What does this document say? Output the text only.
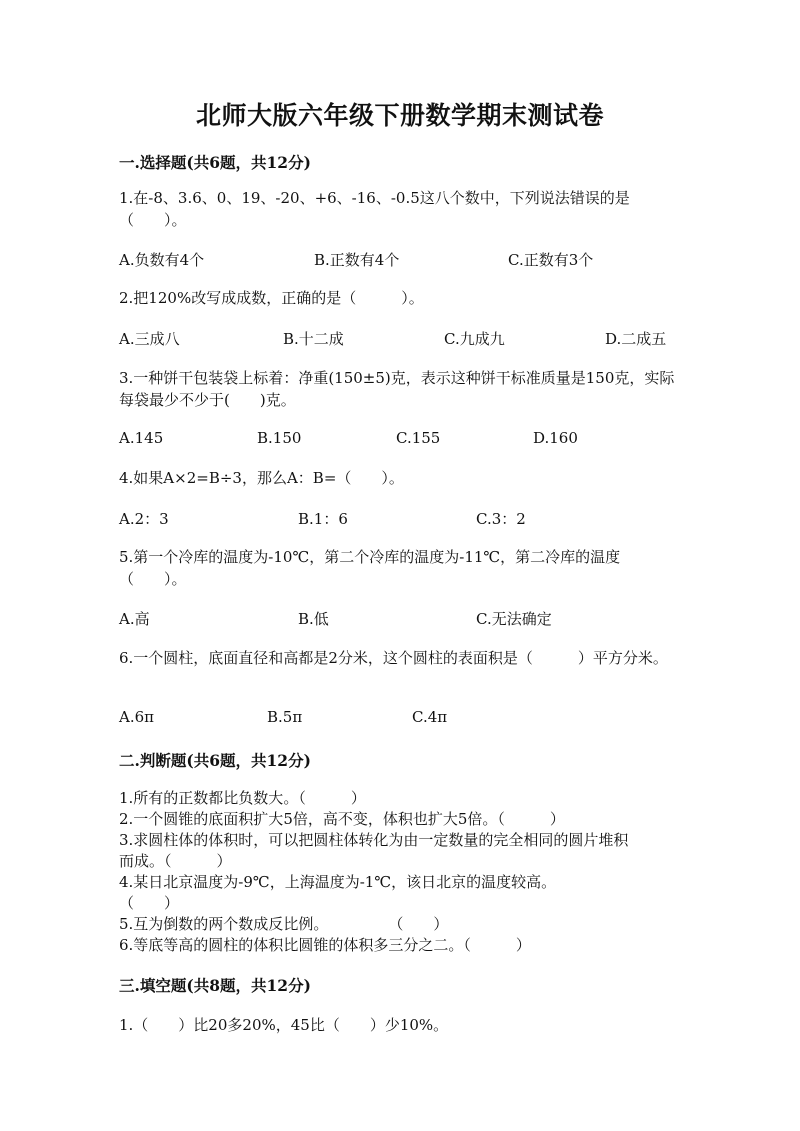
北师大版六年级下册数学期末测试卷
一.选择题(共6题，共12分)
1.在-8、3.6、0、19、-20、+6、-16、-0.5这八个数中，下列说法错误的是（　　）。
A.负数有4个	B.正数有4个	C.正数有3个
2.把120%改写成成数，正确的是（　　　）。
A.三成八	B.十二成	C.九成九	D.二成五
3.一种饼干包装袋上标着：净重(150±5)克，表示这种饼干标准质量是150克，实际每袋最少不少于(　　)克。
A.145	B.150	C.155	D.160
4.如果A×2=B÷3，那么A：B=（　　）。
A.2：3	B.1：6	C.3：2
5.第一个冷库的温度为-10℃，第二个冷库的温度为-11℃，第二冷库的温度（　　）。
A.高	B.低	C.无法确定
6.一个圆柱，底面直径和高都是2分米，这个圆柱的表面积是（　　　）平方分米。
A.6π	B.5π	C.4π
二.判断题(共6题，共12分)
1.所有的正数都比负数大。（　　　）
2.一个圆锥的底面积扩大5倍，高不变，体积也扩大5倍。（　　　）
3.求圆柱体的体积时，可以把圆柱体转化为由一定数量的完全相同的圆片堆积
而成。（　　　）
4.某日北京温度为-9℃，上海温度为-1℃，该日北京的温度较高。
（　　）
5.互为倒数的两个数成反比例。　　　　　（　　）
6.等底等高的圆柱的体积比圆锥的体积多三分之二。（　　　）
三.填空题(共8题，共12分)
1.（　　）比20多20%，45比（　　）少10%。
